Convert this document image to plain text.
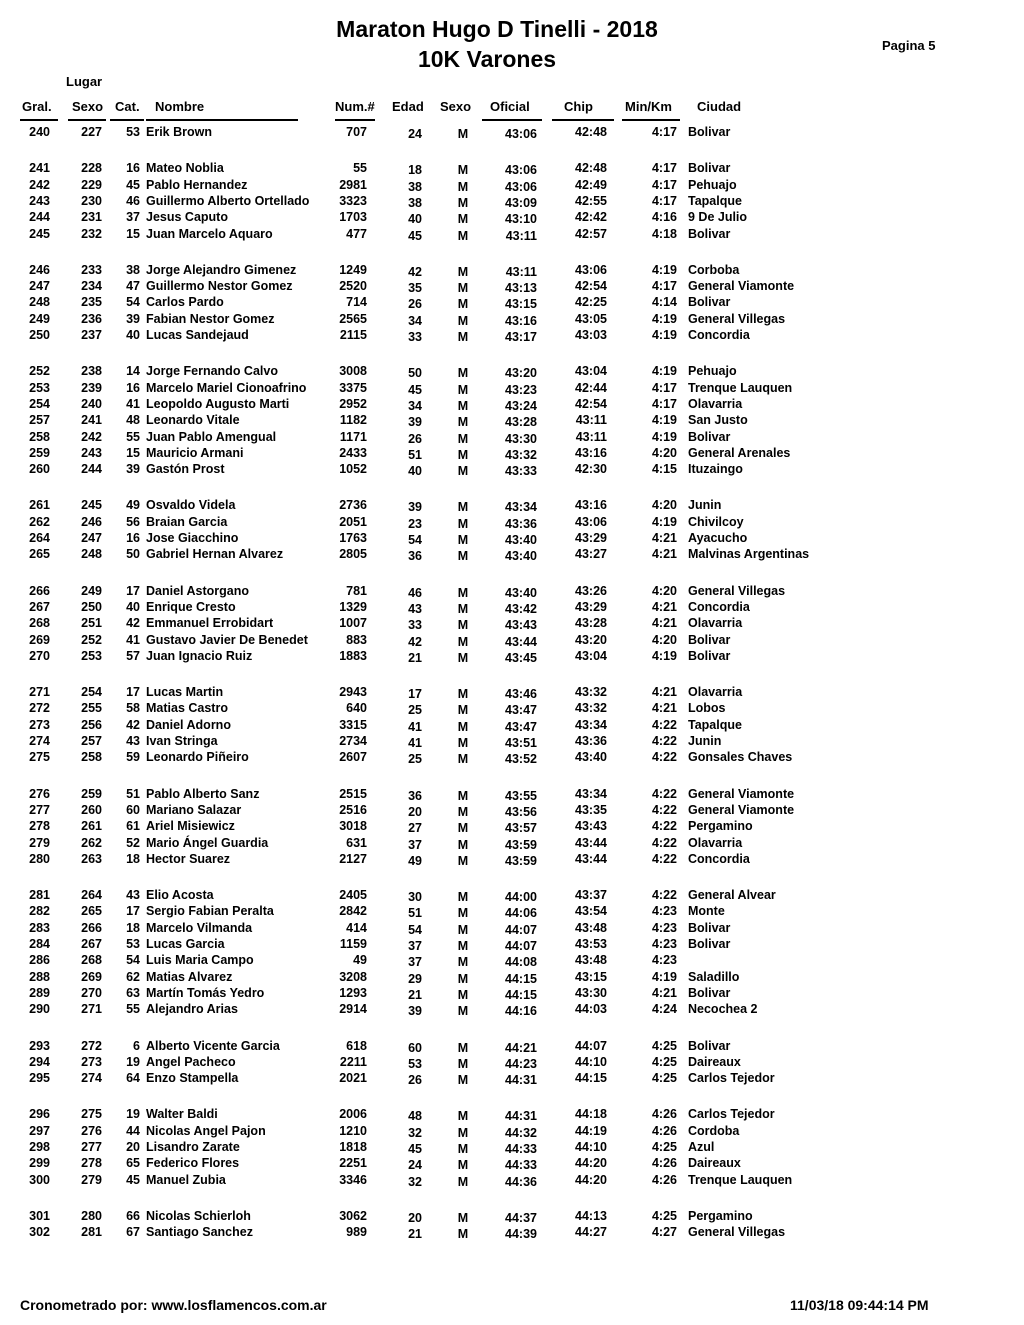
Maraton Hugo D Tinelli - 2018
10K Varones
Pagina 5
Lugar
Gral. Sexo Cat. Nombre	Num.# Edad Sexo Oficial	Chip Min/Km Ciudad
240	227	53 Erik Brown	707	24	M	43:06	42:48	4:17 Bolivar
241	228	16 Mateo Noblia	55	18	M	43:06	42:48	4:17 Bolivar
242	229	45 Pablo Hernandez	2981	38	M	43:06	42:49	4:17 Pehuajo
243	230	46 Guillermo Alberto Ortellado	3323	38	M	43:09	42:55	4:17 Tapalque
244	231	37 Jesus Caputo	1703	40	M	43:10	42:42	4:16 9 De Julio
245	232	15 Juan Marcelo Aquaro	477	45	M	43:11	42:57	4:18 Bolivar
246	233	38 Jorge Alejandro Gimenez	1249	42	M	43:11	43:06	4:19 Corboba
247	234	47 Guillermo Nestor Gomez	2520	35	M	43:13	42:54	4:17 General Viamonte
248	235	54 Carlos Pardo	714	26	M	43:15	42:25	4:14 Bolivar
249	236	39 Fabian Nestor Gomez	2565	34	M	43:16	43:05	4:19 General Villegas
250	237	40 Lucas Sandejaud	2115	33	M	43:17	43:03	4:19 Concordia
252	238	14 Jorge Fernando Calvo	3008	50	M	43:20	43:04	4:19 Pehuajo
253	239	16 Marcelo Mariel Cionoafrino	3375	45	M	43:23	42:44	4:17 Trenque Lauquen
254	240	41 Leopoldo Augusto Marti	2952	34	M	43:24	42:54	4:17 Olavarria
257	241	48 Leonardo Vitale	1182	39	M	43:28	43:11	4:19 San Justo
258	242	55 Juan Pablo Amengual	1171	26	M	43:30	43:11	4:19 Bolivar
259	243	15 Mauricio Armani	2433	51	M	43:32	43:16	4:20 General Arenales
260	244	39 Gastón Prost	1052	40	M	43:33	42:30	4:15 Ituzaingo
261	245	49 Osvaldo Videla	2736	39	M	43:34	43:16	4:20 Junin
262	246	56 Braian Garcia	2051	23	M	43:36	43:06	4:19 Chivilcoy
264	247	16 Jose Giacchino	1763	54	M	43:40	43:29	4:21 Ayacucho
265	248	50 Gabriel Hernan Alvarez	2805	36	M	43:40	43:27	4:21 Malvinas Argentinas
266	249	17 Daniel Astorgano	781	46	M	43:40	43:26	4:20 General Villegas
267	250	40 Enrique Cresto	1329	43	M	43:42	43:29	4:21 Concordia
268	251	42 Emmanuel Errobidart	1007	33	M	43:43	43:28	4:21 Olavarria
269	252	41 Gustavo Javier De Benedet	883	42	M	43:44	43:20	4:20 Bolivar
270	253	57 Juan Ignacio Ruiz	1883	21	M	43:45	43:04	4:19 Bolivar
271	254	17 Lucas Martin	2943	17	M	43:46	43:32	4:21 Olavarria
272	255	58 Matias Castro	640	25	M	43:47	43:32	4:21 Lobos
273	256	42 Daniel Adorno	3315	41	M	43:47	43:34	4:22 Tapalque
274	257	43 Ivan Stringa	2734	41	M	43:51	43:36	4:22 Junin
275	258	59 Leonardo Piñeiro	2607	25	M	43:52	43:40	4:22 Gonsales Chaves
276	259	51 Pablo Alberto Sanz	2515	36	M	43:55	43:34	4:22 General Viamonte
277	260	60 Mariano Salazar	2516	20	M	43:56	43:35	4:22 General Viamonte
278	261	61 Ariel Misiewicz	3018	27	M	43:57	43:43	4:22 Pergamino
279	262	52 Mario Ángel Guardia	631	37	M	43:59	43:44	4:22 Olavarria
280	263	18 Hector Suarez	2127	49	M	43:59	43:44	4:22 Concordia
281	264	43 Elio Acosta	2405	30	M	44:00	43:37	4:22 General Alvear
282	265	17 Sergio Fabian Peralta	2842	51	M	44:06	43:54	4:23 Monte
283	266	18 Marcelo Vilmanda	414	54	M	44:07	43:48	4:23 Bolivar
284	267	53 Lucas Garcia	1159	37	M	44:07	43:53	4:23 Bolivar
286	268	54 Luis Maria Campo	49	37	M	44:08	43:48	4:23
288	269	62 Matias Alvarez	3208	29	M	44:15	43:15	4:19 Saladillo
289	270	63 Martín Tomás Yedro	1293	21	M	44:15	43:30	4:21 Bolivar
290	271	55 Alejandro Arias	2914	39	M	44:16	44:03	4:24 Necochea 2
293	272	6 Alberto Vicente Garcia	618	60	M	44:21	44:07	4:25 Bolivar
294	273	19 Angel Pacheco	2211	53	M	44:23	44:10	4:25 Daireaux
295	274	64 Enzo Stampella	2021	26	M	44:31	44:15	4:25 Carlos Tejedor
296	275	19 Walter Baldi	2006	48	M	44:31	44:18	4:26 Carlos Tejedor
297	276	44 Nicolas Angel Pajon	1210	32	M	44:32	44:19	4:26 Cordoba
298	277	20 Lisandro Zarate	1818	45	M	44:33	44:10	4:25 Azul
299	278	65 Federico Flores	2251	24	M	44:33	44:20	4:26 Daireaux
300	279	45 Manuel Zubia	3346	32	M	44:36	44:20	4:26 Trenque Lauquen
301	280	66 Nicolas Schierloh	3062	20	M	44:37	44:13	4:25 Pergamino
302	281	67 Santiago Sanchez	989	21	M	44:39	44:27	4:27 General Villegas
Cronometrado por: www.losflamencos.com.ar	11/03/18 09:44:14 PM
